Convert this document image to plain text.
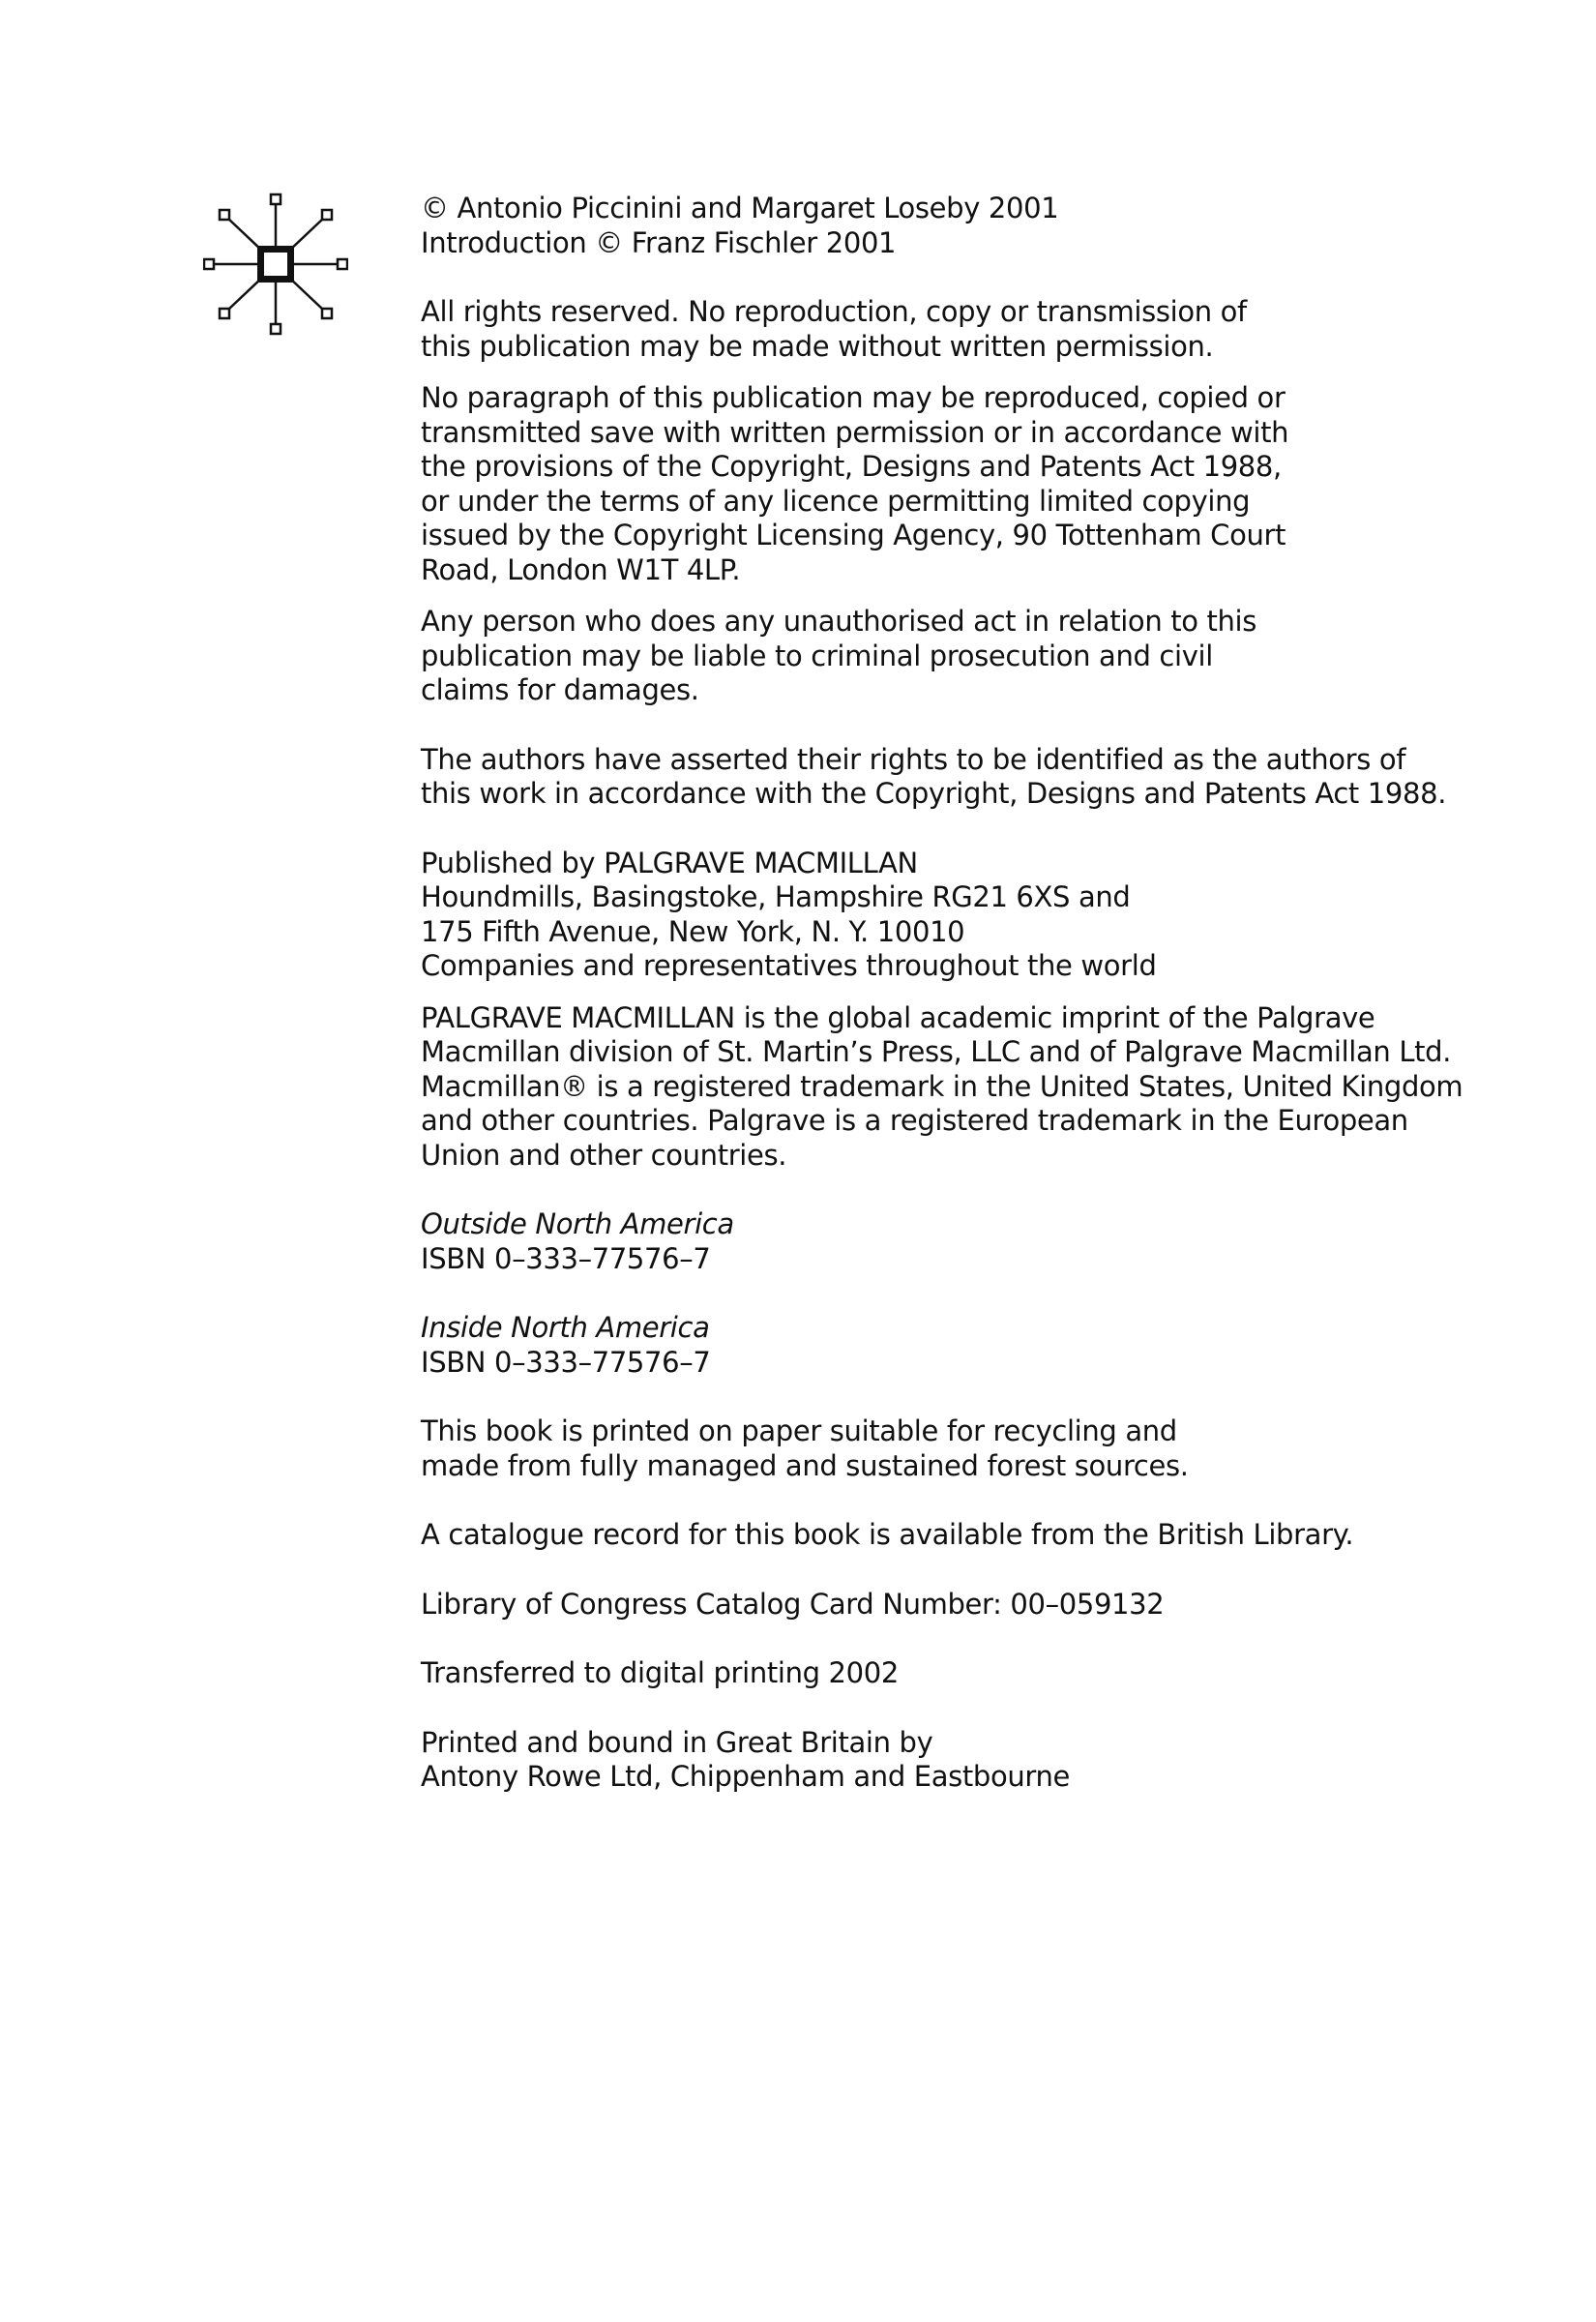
© Antonio Piccinini and Margaret Loseby 2001
Introduction © Franz Fischler 2001

All rights reserved. No reproduction, copy or transmission of
this publication may be made without written permission.

No paragraph of this publication may be reproduced, copied or
transmitted save with written permission or in accordance with
the provisions of the Copyright, Designs and Patents Act 1988,
or under the terms of any licence permitting limited copying
issued by the Copyright Licensing Agency, 90 Tottenham Court
Road, London W1T 4LP.

Any person who does any unauthorised act in relation to this
publication may be liable to criminal prosecution and civil
claims for damages.

The authors have asserted their rights to be identified as the authors of
this work in accordance with the Copyright, Designs and Patents Act 1988.

Published by PALGRAVE MACMILLAN
Houndmills, Basingstoke, Hampshire RG21 6XS and
175 Fifth Avenue, New York, N. Y. 10010
Companies and representatives throughout the world

PALGRAVE MACMILLAN is the global academic imprint of the Palgrave
Macmillan division of St. Martin’s Press, LLC and of Palgrave Macmillan Ltd.
Macmillan® is a registered trademark in the United States, United Kingdom
and other countries. Palgrave is a registered trademark in the European
Union and other countries.

Outside North America
ISBN 0–333–77576–7

Inside North America
ISBN 0–333–77576–7

This book is printed on paper suitable for recycling and
made from fully managed and sustained forest sources.

A catalogue record for this book is available from the British Library.

Library of Congress Catalog Card Number: 00–059132

Transferred to digital printing 2002

Printed and bound in Great Britain by
Antony Rowe Ltd, Chippenham and Eastbourne
